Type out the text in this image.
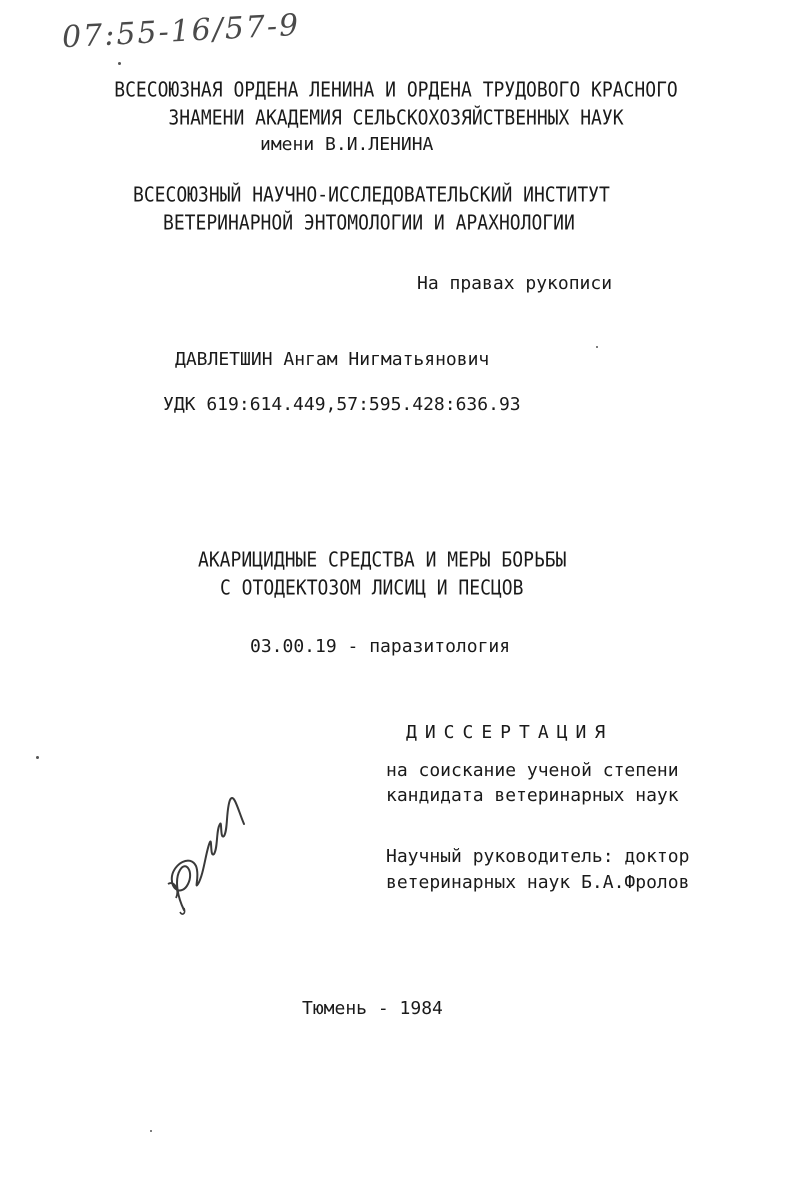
07:55-16/57-9
ВСЕСОЮЗНАЯ ОРДЕНА ЛЕНИНА И ОРДЕНА ТРУДОВОГО КРАСНОГО
ЗНАМЕНИ АКАДЕМИЯ СЕЛЬСКОХОЗЯЙСТВЕННЫХ НАУК
имени В.И.ЛЕНИНА
ВСЕСОЮЗНЫЙ НАУЧНО-ИССЛЕДОВАТЕЛЬСКИЙ ИНСТИТУТ
ВЕТЕРИНАРНОЙ ЭНТОМОЛОГИИ И АРАХНОЛОГИИ
На правах рукописи
ДАВЛЕТШИН Ангам Нигматьянович
УДК 619:614.449,57:595.428:636.93
АКАРИЦИДНЫЕ СРЕДСТВА И МЕРЫ БОРЬБЫ
С ОТОДЕКТОЗОМ ЛИСИЦ И ПЕСЦОВ
03.00.19 - паразитология
ДИССЕРТАЦИЯ
на соискание ученой степени
кандидата ветеринарных наук
Научный руководитель: доктор
ветеринарных наук Б.А.Фролов
Тюмень - 1984
